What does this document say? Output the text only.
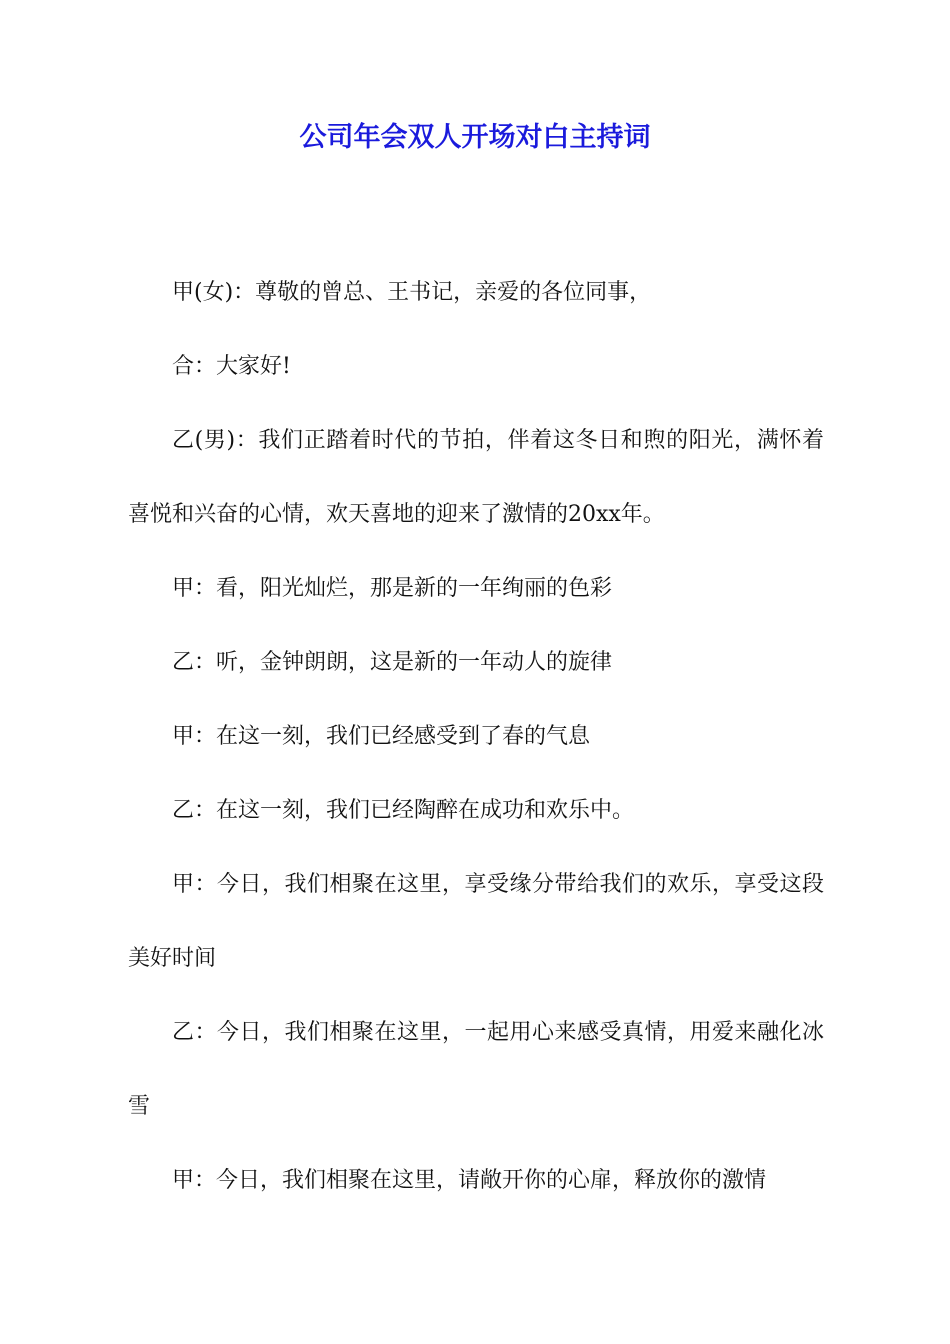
公司年会双人开场对白主持词

甲(女)：尊敬的曾总、王书记，亲爱的各位同事，

合：大家好!

乙(男)：我们正踏着时代的节拍，伴着这冬日和煦的阳光，满怀着喜悦和兴奋的心情，欢天喜地的迎来了激情的20xx年。

甲：看，阳光灿烂，那是新的一年绚丽的色彩

乙：听，金钟朗朗，这是新的一年动人的旋律

甲：在这一刻，我们已经感受到了春的气息

乙：在这一刻，我们已经陶醉在成功和欢乐中。

甲：今日，我们相聚在这里，享受缘分带给我们的欢乐，享受这段美好时间

乙：今日，我们相聚在这里，一起用心来感受真情，用爱来融化冰雪

甲：今日，我们相聚在这里，请敞开你的心扉，释放你的激情
